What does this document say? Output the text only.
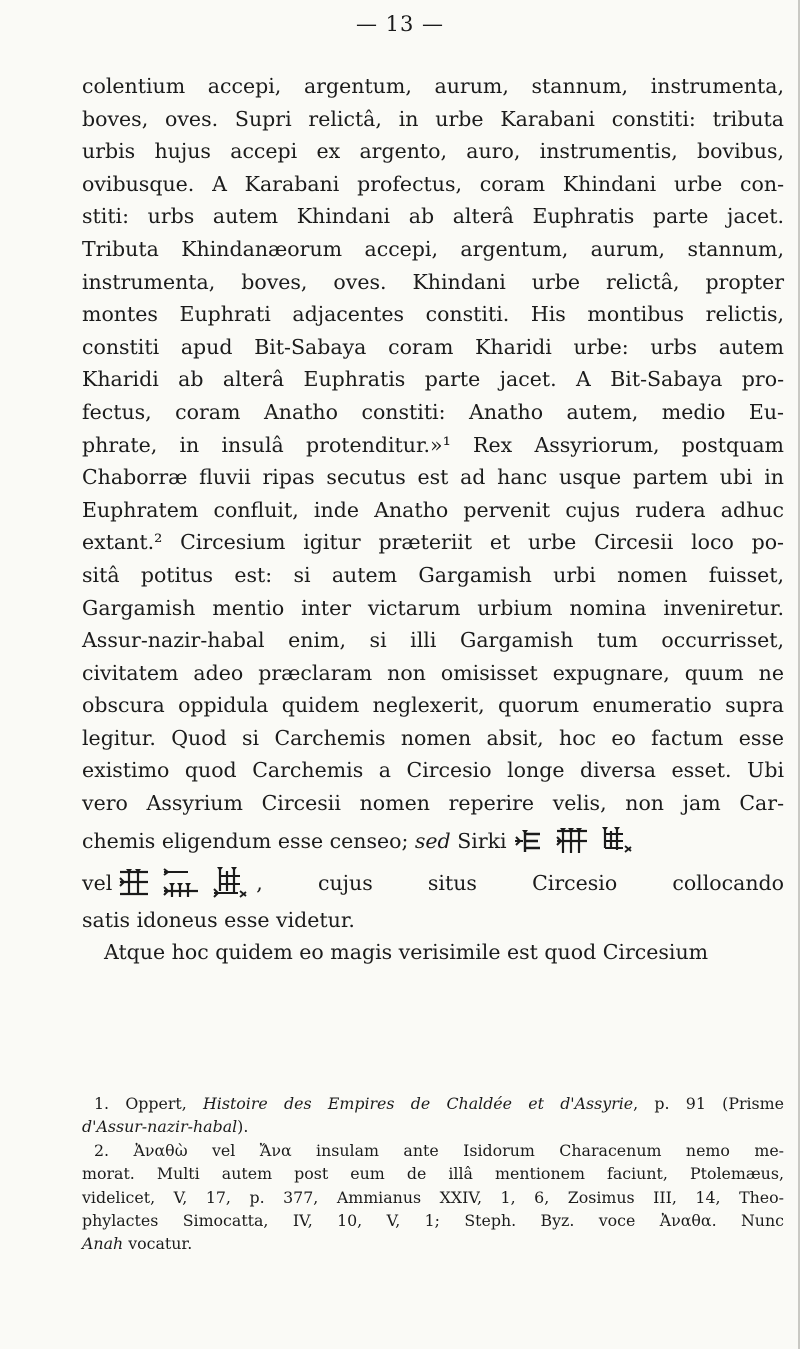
— 13 —
colentium accepi, argentum, aurum, stannum, instrumenta,
boves, oves. Supri relictâ, in urbe Karabani constiti: tributa
urbis hujus accepi ex argento, auro, instrumentis, bovibus,
ovibusque. A Karabani profectus, coram Khindani urbe con-
stiti: urbs autem Khindani ab alterâ Euphratis parte jacet.
Tributa Khindanæorum accepi, argentum, aurum, stannum,
instrumenta, boves, oves. Khindani urbe relictâ, propter
montes Euphrati adjacentes constiti. His montibus relictis,
constiti apud Bit-Sabaya coram Kharidi urbe: urbs autem
Kharidi ab alterâ Euphratis parte jacet. A Bit-Sabaya pro-
fectus, coram Anatho constiti: Anatho autem, medio Eu-
phrate, in insulâ protenditur.»¹ Rex Assyriorum, postquam
Chaborræ fluvii ripas secutus est ad hanc usque partem ubi in
Euphratem confluit, inde Anatho pervenit cujus rudera adhuc
extant.² Circesium igitur præteriit et urbe Circesii loco po-
sitâ potitus est: si autem Gargamish urbi nomen fuisset,
Gargamish mentio inter victarum urbium nomina inveniretur.
Assur-nazir-habal enim, si illi Gargamish tum occurrisset,
civitatem adeo præclaram non omisisset expugnare, quum ne
obscura oppidula quidem neglexerit, quorum enumeratio supra
legitur. Quod si Carchemis nomen absit, hoc eo factum esse
existimo quod Carchemis a Circesio longe diversa esset. Ubi
vero Assyrium Circesii nomen reperire velis, non jam Car-
chemis eligendum esse censeo;
sed
Sirki
vel	, cujus situs Circesio collocando
satis idoneus esse videtur.
Atque hoc quidem eo magis verisimile est quod Circesium
1. Oppert, Histoire des Empires de Chaldée et d'Assyrie, p. 91 (Prisme
d'Assur-nazir-habal).
2. Ἀναθὼ vel Ἄνα insulam ante Isidorum Characenum nemo me-
morat. Multi autem post eum de illâ mentionem faciunt, Ptolemæus,
videlicet, V, 17, p. 377, Ammianus XXIV, 1, 6, Zosimus III, 14, Theo-
phylactes Simocatta, IV, 10, V, 1; Steph. Byz. voce Ἀναθα. Nunc
Anah vocatur.
